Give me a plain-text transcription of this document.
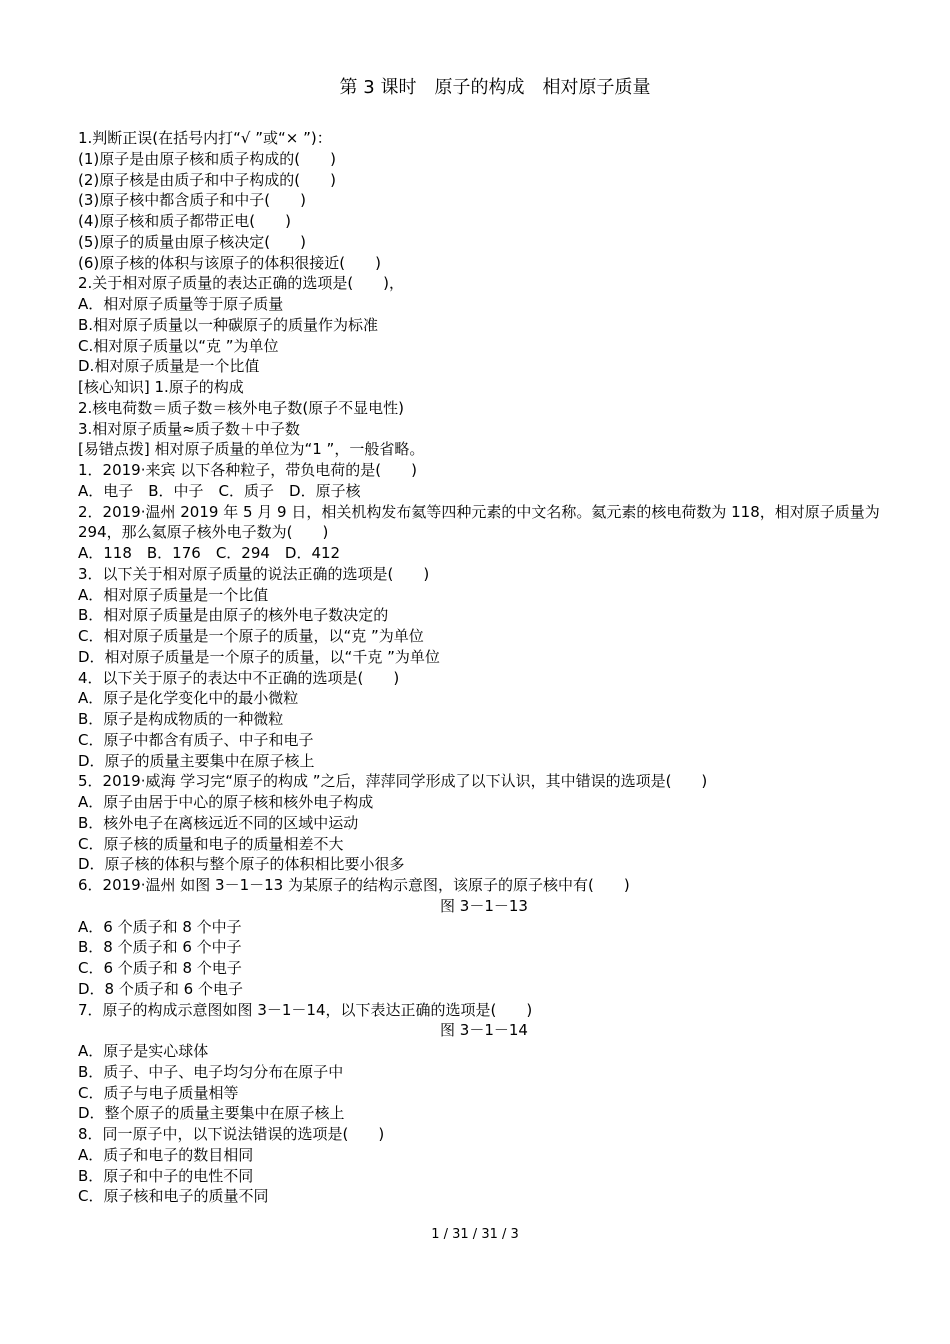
第 3 课时　原子的构成　相对原子质量
1.判断正误(在括号内打“√ ”或“× ”)：
(1)原子是由原子核和质子构成的(　　)
(2)原子核是由质子和中子构成的(　　)
(3)原子核中都含质子和中子(　　)
(4)原子核和质子都带正电(　　)
(5)原子的质量由原子核决定(　　)
(6)原子核的体积与该原子的体积很接近(　　)
2.关于相对原子质量的表达正确的选项是(　　)，
A．相对原子质量等于原子质量
B.相对原子质量以一种碳原子的质量作为标准
C.相对原子质量以“克 ”为单位
D.相对原子质量是一个比值
[核心知识] 1.原子的构成
2.核电荷数＝质子数＝核外电子数(原子不显电性)
3.相对原子质量≈质子数＋中子数
[易错点拨] 相对原子质量的单位为“1 ”，一般省略。
1．2019·来宾 以下各种粒子，带负电荷的是(　　)
A．电子　B．中子　C．质子　D．原子核
2．2019·温州 2019 年 5 月 9 日，相关机构发布氦等四种元素的中文名称。氦元素的核电荷数为 118，相对原子质量为 294，那么氦原子核外电子数为(　　)
A．118　B．176　C．294　D．412
3．以下关于相对原子质量的说法正确的选项是(　　)
A．相对原子质量是一个比值
B．相对原子质量是由原子的核外电子数决定的
C．相对原子质量是一个原子的质量，以“克 ”为单位
D．相对原子质量是一个原子的质量，以“千克 ”为单位
4．以下关于原子的表达中不正确的选项是(　　)
A．原子是化学变化中的最小微粒
B．原子是构成物质的一种微粒
C．原子中都含有质子、中子和电子
D．原子的质量主要集中在原子核上
5．2019·威海 学习完“原子的构成 ”之后，萍萍同学形成了以下认识，其中错误的选项是(　　)
A．原子由居于中心的原子核和核外电子构成
B．核外电子在离核远近不同的区域中运动
C．原子核的质量和电子的质量相差不大
D．原子核的体积与整个原子的体积相比要小很多
6．2019·温州 如图 3－1－13 为某原子的结构示意图，该原子的原子核中有(　　)
图 3－1－13
A．6 个质子和 8 个中子
B．8 个质子和 6 个中子
C．6 个质子和 8 个电子
D．8 个质子和 6 个电子
7．原子的构成示意图如图 3－1－14，以下表达正确的选项是(　　)
图 3－1－14
A．原子是实心球体
B．质子、中子、电子均匀分布在原子中
C．质子与电子质量相等
D．整个原子的质量主要集中在原子核上
8．同一原子中，以下说法错误的选项是(　　)
A．质子和电子的数目相同
B．原子和中子的电性不同
C．原子核和电子的质量不同
1 / 31 / 31 / 3
